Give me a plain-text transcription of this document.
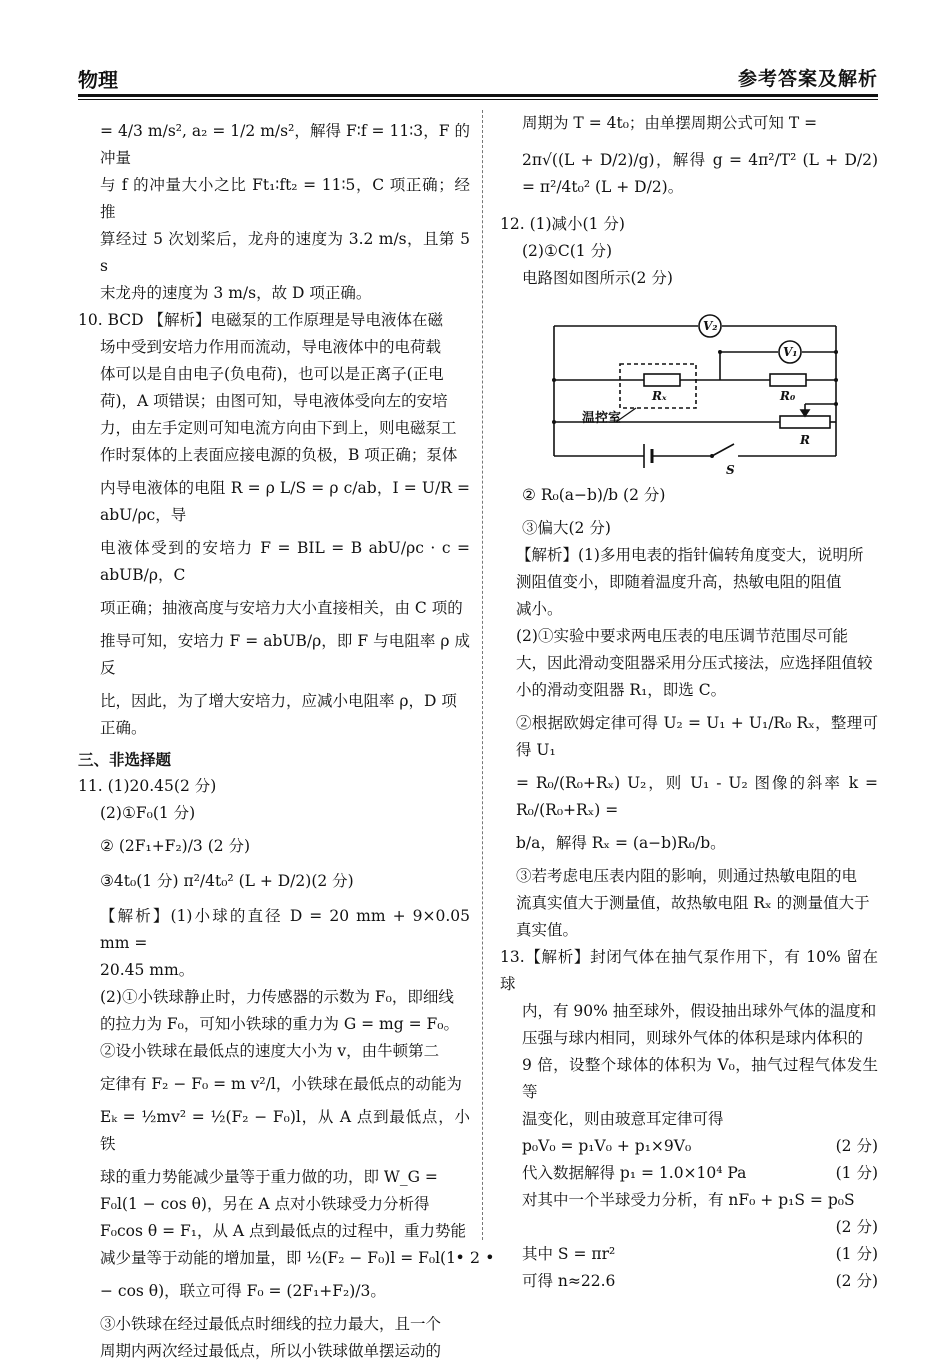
物理	参考答案及解析

= 4/3 m/s², a₂ = 1/2 m/s²，解得 F∶f = 11∶3，F 的冲量

与 f 的冲量大小之比 Ft₁∶ft₂ = 11∶5，C 项正确；经推

算经过 5 次划桨后，龙舟的速度为 3.2 m/s，且第 5 s

末龙舟的速度为 3 m/s，故 D 项正确。

10. BCD 【解析】电磁泵的工作原理是导电液体在磁

场中受到安培力作用而流动，导电液体中的电荷载

体可以是自由电子(负电荷)，也可以是正离子(正电

荷)，A 项错误；由图可知，导电液体受向左的安培

力，由左手定则可知电流方向由下到上，则电磁泵工

作时泵体的上表面应接电源的负极，B 项正确；泵体

内导电液体的电阻 R = ρ L/S = ρ c/ab，I = U/R = abU/ρc，导

电液体受到的安培力 F = BIL = B abU/ρc · c = abUB/ρ，C

项正确；抽液高度与安培力大小直接相关，由 C 项的

推导可知，安培力 F = abUB/ρ，即 F 与电阻率 ρ 成反

比，因此，为了增大安培力，应减小电阻率 ρ，D 项

正确。

三、非选择题

11. (1)20.45(2 分)

(2)①F₀(1 分)

② (2F₁+F₂)/3 (2 分)

③4t₀(1 分) π²/4t₀² (L + D/2)(2 分)

【解析】(1)小球的直径 D = 20 mm + 9×0.05 mm =

20.45 mm。

(2)①小铁球静止时，力传感器的示数为 F₀，即细线

的拉力为 F₀，可知小铁球的重力为 G = mg = F₀。

②设小铁球在最低点的速度大小为 v，由牛顿第二

定律有 F₂ − F₀ = m v²/l，小铁球在最低点的动能为

Eₖ = ½mv² = ½(F₂ − F₀)l，从 A 点到最低点，小铁

球的重力势能减少量等于重力做的功，即 W_G =

F₀l(1 − cos θ)，另在 A 点对小铁球受力分析得

F₀cos θ = F₁，从 A 点到最低点的过程中，重力势能

减少量等于动能的增加量，即 ½(F₂ − F₀)l = F₀l(1

− cos θ)，联立可得 F₀ = (2F₁+F₂)/3。

③小铁球在经过最低点时细线的拉力最大，且一个

周期内两次经过最低点，所以小铁球做单摆运动的

周期为 T = 4t₀；由单摆周期公式可知 T =

2π√((L + D/2)/g)，解得 g = 4π²/T² (L + D/2) = π²/4t₀² (L + D/2)。

12. (1)减小(1 分)

(2)①C(1 分)

电路图如图所示(2 分)

V₂
V₁
Rₓ	R₀
R
S
温控室

② R₀(a−b)/b (2 分)

③偏大(2 分)

【解析】(1)多用电表的指针偏转角度变大，说明所

测阻值变小，即随着温度升高，热敏电阻的阻值

减小。

(2)①实验中要求两电压表的电压调节范围尽可能

大，因此滑动变阻器采用分压式接法，应选择阻值较

小的滑动变阻器 R₁，即选 C。

②根据欧姆定律可得 U₂ = U₁ + U₁/R₀ Rₓ，整理可得 U₁

= R₀/(R₀+Rₓ) U₂，则 U₁ - U₂ 图像的斜率 k = R₀/(R₀+Rₓ) =

b/a，解得 Rₓ = (a−b)R₀/b。

③若考虑电压表内阻的影响，则通过热敏电阻的电

流真实值大于测量值，故热敏电阻 Rₓ 的测量值大于

真实值。

13.【解析】封闭气体在抽气泵作用下，有 10% 留在球

内，有 90% 抽至球外，假设抽出球外气体的温度和

压强与球内相同，则球外气体的体积是球内体积的

9 倍，设整个球体的体积为 V₀，抽气过程气体发生等

温变化，则由玻意耳定律可得

p₀V₀ = p₁V₀ + p₁×9V₀	(2 分)

代入数据解得 p₁ = 1.0×10⁴ Pa	(1 分)

对其中一个半球受力分析，有 nF₀ + p₁S = p₀S

(2 分)

其中 S = πr²	(1 分)

可得 n≈22.6	(2 分)

• 2 •
